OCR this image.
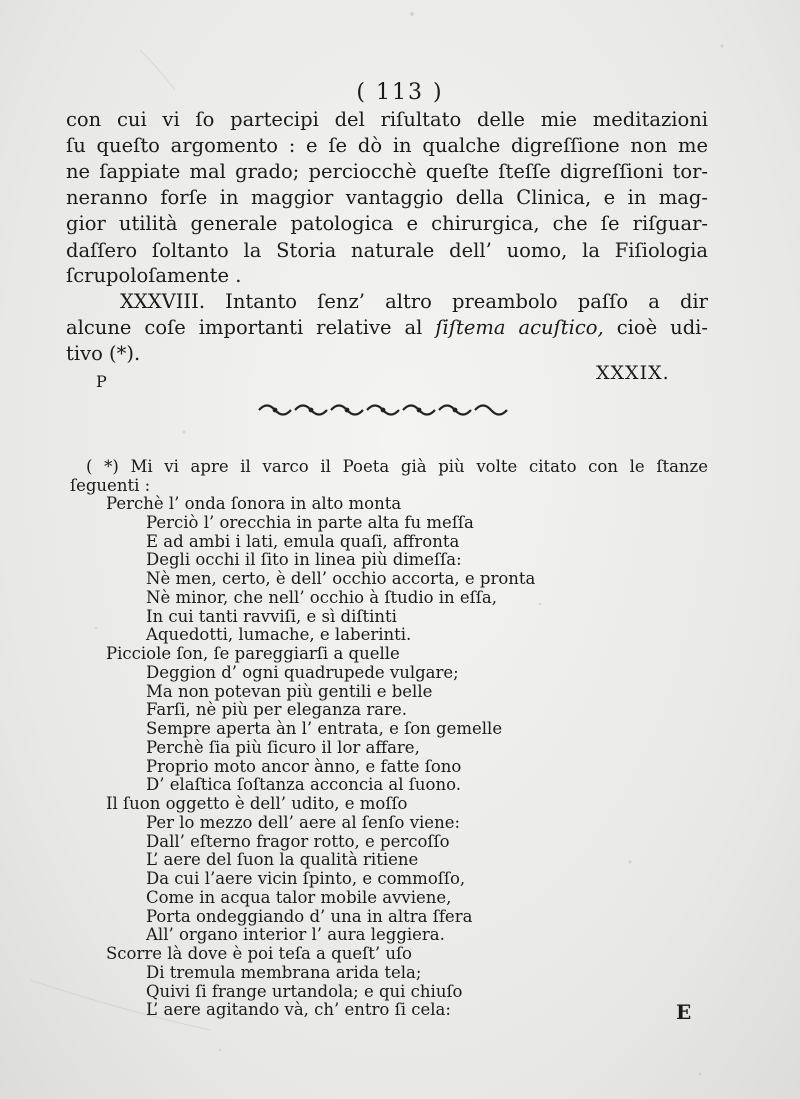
( 113 )
con cui vi ſo partecipi del riſultato delle mie meditazioni
ſu queſto argomento : e ſe dò in qualche digreſſione non me
ne ſappiate mal grado; perciocchè queſte ſteſſe digreſſioni tor-
neranno forſe in maggior vantaggio della Clinica, e in mag-
gior utilità generale patologica e chirurgica, che ſe riſguar-
daſſero ſoltanto la Storia naturale dell’ uomo, la Fiſiologia
ſcrupoloſamente .
XXXVIII. Intanto ſenz’ altro preambolo paſſo a dir
alcune coſe importanti relative al ſiſtema acuſtico, cioè udi-
tivo (*).
P	XXXIX.
( *) Mi vi apre il varco il Poeta già più volte citato con le ſtanze
ſeguenti :
Perchè l’ onda ſonora in alto monta
Perciò l’ orecchia in parte alta fu meſſa
E ad ambi i lati, emula quaſi, affronta
Degli occhi il ſito in linea più dimeſſa:
Nè men, certo, è dell’ occhio accorta, e pronta
Nè minor, che nell’ occhio à ſtudio in eſſa,
In cui tanti ravviſi, e sì diſtinti
Aquedotti, lumache, e laberinti.
Picciole ſon, ſe pareggiarſi a quelle
Deggion d’ ogni quadrupede vulgare;
Ma non potevan più gentili e belle
Farſi, nè più per eleganza rare.
Sempre aperta àn l’ entrata, e ſon gemelle
Perchè ſia più ſicuro il lor affare,
Proprio moto ancor ànno, e fatte ſono
D’ elaſtica ſoſtanza acconcia al ſuono.
Il ſuon oggetto è dell’ udito, e moſſo
Per lo mezzo dell’ aere al ſenſo viene:
Dall’ eſterno fragor rotto, e percoſſo
L’ aere del ſuon la qualità ritiene
Da cui l’aere vicin ſpinto, e commoſſo,
Come in acqua talor mobile avviene,
Porta ondeggiando d’ una in altra ſfera
All’ organo interior l’ aura leggiera.
Scorre là dove è poi teſa a queſt’ uſo
Di tremula membrana arida tela;
Quivi ſi frange urtandola; e qui chiuſo
L’ aere agitando và, ch’ entro ſi cela:	E
